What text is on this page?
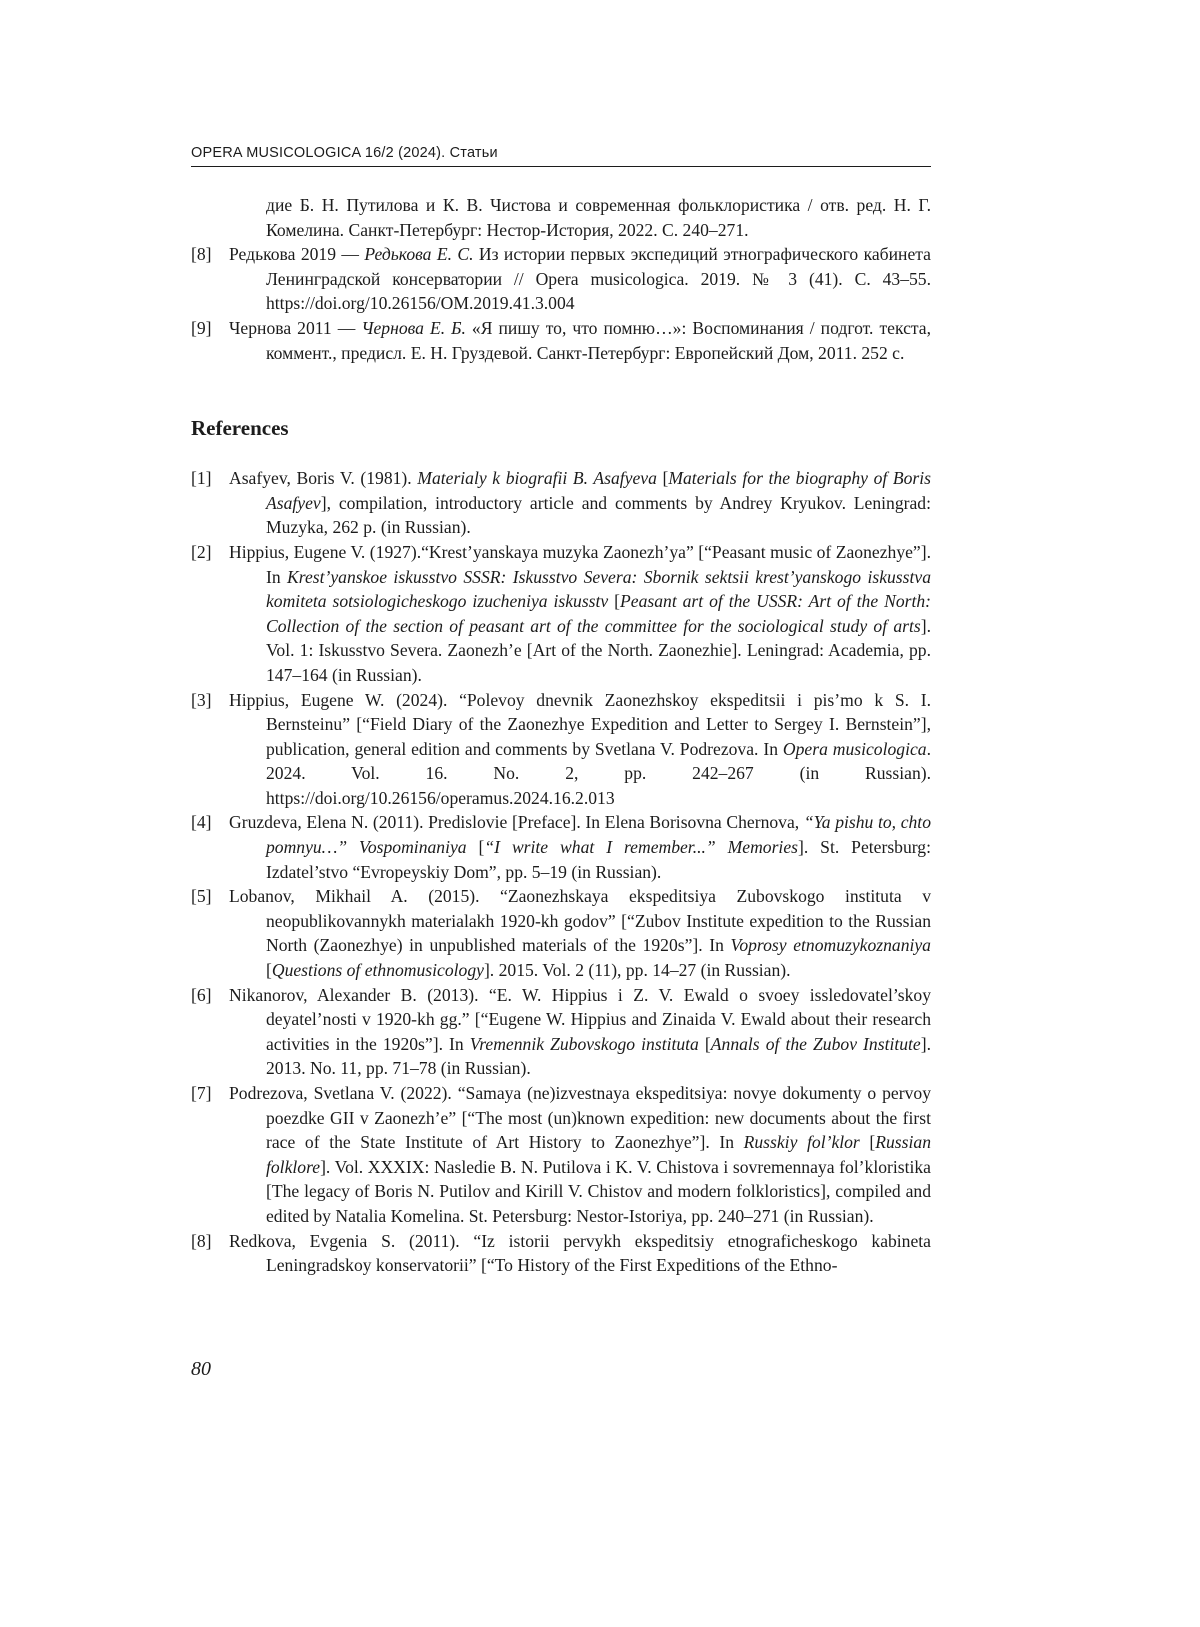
OPERA MUSICOLOGICA 16/2 (2024). Статьи
дие Б. Н. Путилова и К. В. Чистова и современная фольклористика / отв. ред. Н. Г. Комелина. Санкт-Петербург: Нестор-История, 2022. С. 240–271.
[8] Редькова 2019 — Редькова Е. С. Из истории первых экспедиций этнографического кабинета Ленинградской консерватории // Opera musicologica. 2019. № 3 (41). С. 43–55. https://doi.org/10.26156/OM.2019.41.3.004
[9] Чернова 2011 — Чернова Е. Б. «Я пишу то, что помню…»: Воспоминания / подгот. текста, коммент., предисл. Е. Н. Груздевой. Санкт-Петербург: Европейский Дом, 2011. 252 с.
References
[1] Asafyev, Boris V. (1981). Materialy k biografii B. Asafyeva [Materials for the biography of Boris Asafyev], compilation, introductory article and comments by Andrey Kryukov. Leningrad: Muzyka, 262 p. (in Russian).
[2] Hippius, Eugene V. (1927).“Krest’yanskaya muzyka Zaonezh’ya” [“Peasant music of Zaonezhye”]. In Krest’yanskoe iskusstvo SSSR: Iskusstvo Severa: Sbornik sektsii krest’yanskogo iskusstva komiteta sotsiologicheskogo izucheniya iskusstv [Peasant art of the USSR: Art of the North: Collection of the section of peasant art of the committee for the sociological study of arts]. Vol. 1: Iskusstvo Severa. Zaonezh’e [Art of the North. Zaonezhie]. Leningrad: Academia, pp. 147–164 (in Russian).
[3] Hippius, Eugene W. (2024). “Polevoy dnevnik Zaonezhskoy ekspeditsii i pis’mo k S. I. Bernsteinu” [“Field Diary of the Zaonezhye Expedition and Letter to Sergey I. Bernstein”], publication, general edition and comments by Svetlana V. Podrezova. In Opera musicologica. 2024. Vol. 16. No. 2, pp. 242–267 (in Russian). https://doi.org/10.26156/operamus.2024.16.2.013
[4] Gruzdeva, Elena N. (2011). Predislovie [Preface]. In Elena Borisovna Chernova, “Ya pishu to, chto pomnyu…” Vospominaniya [“I write what I remember...” Memories]. St. Petersburg: Izdatel’stvo “Evropeyskiy Dom”, pp. 5–19 (in Russian).
[5] Lobanov, Mikhail A. (2015). “Zaonezhskaya ekspeditsiya Zubovskogo instituta v neopublikovannykh materialakh 1920-kh godov” [“Zubov Institute expedition to the Russian North (Zaonezhye) in unpublished materials of the 1920s”]. In Voprosy etnomuzykoznaniya [Questions of ethnomusicology]. 2015. Vol. 2 (11), pp. 14–27 (in Russian).
[6] Nikanorov, Alexander B. (2013). “E. W. Hippius i Z. V. Ewald o svoey issledovatel’skoy deyatel’nosti v 1920-kh gg.” [“Eugene W. Hippius and Zinaida V. Ewald about their research activities in the 1920s”]. In Vremennik Zubovskogo instituta [Annals of the Zubov Institute]. 2013. No. 11, pp. 71–78 (in Russian).
[7] Podrezova, Svetlana V. (2022). “Samaya (ne)izvestnaya ekspeditsiya: novye dokumenty o pervoy poezdke GII v Zaonezh’e” [“The most (un)known expedition: new documents about the first race of the State Institute of Art History to Zaonezhye”]. In Russkiy fol’klor [Russian folklore]. Vol. XXXIX: Nasledie B. N. Putilova i K. V. Chistova i sovremennaya fol’kloristika [The legacy of Boris N. Putilov and Kirill V. Chistov and modern folkloristics], compiled and edited by Natalia Komelina. St. Petersburg: Nestor-Istoriya, pp. 240–271 (in Russian).
[8] Redkova, Evgenia S. (2011). “Iz istorii pervykh ekspeditsiy etnograficheskogo kabineta Leningradskoy konservatorii” [“To History of the First Expeditions of the Ethno-
80
